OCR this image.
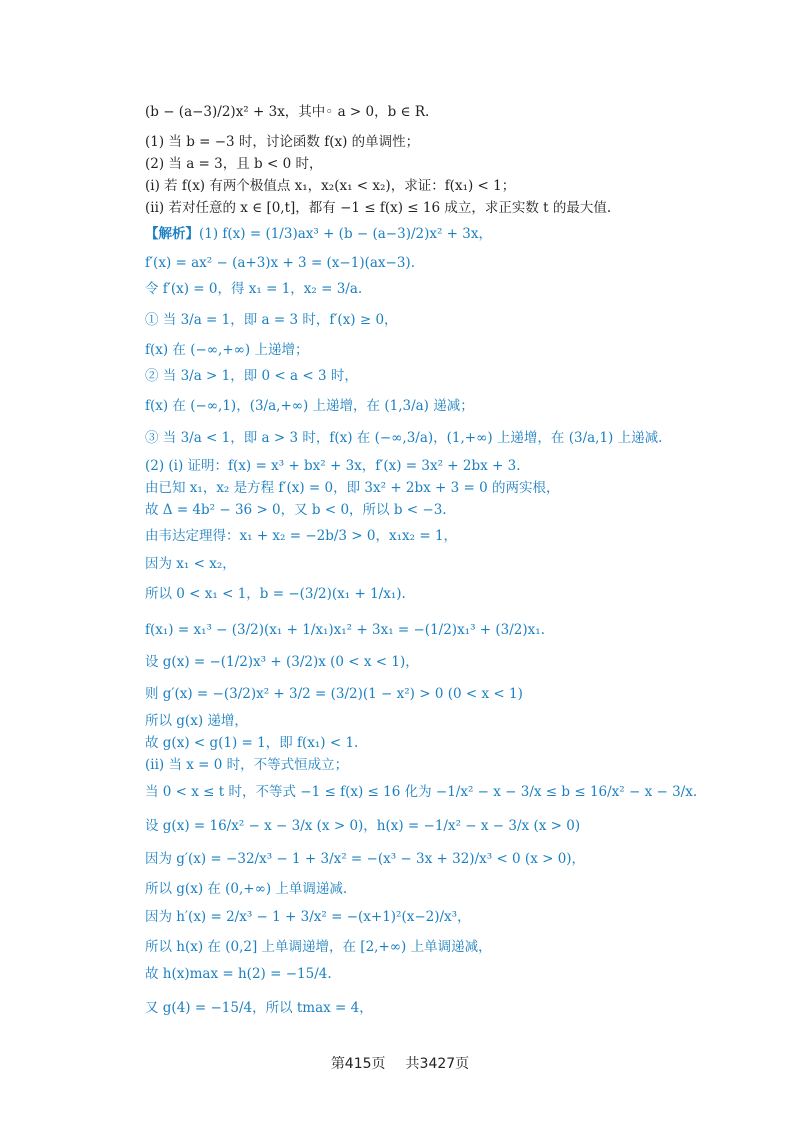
(b − (a−3)/2)x² + 3x，其中◦ a > 0，b ∈ R.
(1) 当 b = −3 时，讨论函数 f(x) 的单调性；
(2) 当 a = 3，且 b < 0 时，
(i) 若 f(x) 有两个极值点 x₁，x₂(x₁ < x₂)，求证：f(x₁) < 1；
(ii) 若对任意的 x ∈ [0,t]，都有 −1 ≤ f(x) ≤ 16 成立，求正实数 t 的最大值.
【解析】(1) f(x) = (1/3)ax³ + (b − (a−3)/2)x² + 3x，
f′(x) = ax² − (a+3)x + 3 = (x−1)(ax−3).
令 f′(x) = 0，得 x₁ = 1，x₂ = 3/a.
① 当 3/a = 1，即 a = 3 时，f′(x) ≥ 0，
f(x) 在 (−∞,+∞) 上递增；
② 当 3/a > 1，即 0 < a < 3 时，
f(x) 在 (−∞,1)，(3/a,+∞) 上递增，在 (1,3/a) 递减；
③ 当 3/a < 1，即 a > 3 时，f(x) 在 (−∞,3/a)，(1,+∞) 上递增，在 (3/a,1) 上递减.
(2) (i) 证明：f(x) = x³ + bx² + 3x，f′(x) = 3x² + 2bx + 3.
由已知 x₁，x₂ 是方程 f′(x) = 0，即 3x² + 2bx + 3 = 0 的两实根，
故 Δ = 4b² − 36 > 0，又 b < 0，所以 b < −3.
由韦达定理得：x₁ + x₂ = −2b/3 > 0，x₁x₂ = 1，
因为 x₁ < x₂，
所以 0 < x₁ < 1，b = −(3/2)(x₁ + 1/x₁).
f(x₁) = x₁³ − (3/2)(x₁ + 1/x₁)x₁² + 3x₁ = −(1/2)x₁³ + (3/2)x₁.
设 g(x) = −(1/2)x³ + (3/2)x (0 < x < 1)，
则 g′(x) = −(3/2)x² + 3/2 = (3/2)(1 − x²) > 0 (0 < x < 1)
所以 g(x) 递增，
故 g(x) < g(1) = 1，即 f(x₁) < 1.
(ii) 当 x = 0 时，不等式恒成立；
当 0 < x ≤ t 时，不等式 −1 ≤ f(x) ≤ 16 化为 −1/x² − x − 3/x ≤ b ≤ 16/x² − x − 3/x.
设 g(x) = 16/x² − x − 3/x (x > 0)，h(x) = −1/x² − x − 3/x (x > 0)
因为 g′(x) = −32/x³ − 1 + 3/x² = −(x³ − 3x + 32)/x³ < 0 (x > 0)，
所以 g(x) 在 (0,+∞) 上单调递减.
因为 h′(x) = 2/x³ − 1 + 3/x² = −(x+1)²(x−2)/x³，
所以 h(x) 在 (0,2] 上单调递增，在 [2,+∞) 上单调递减，
故 h(x)max = h(2) = −15/4.
又 g(4) = −15/4，所以 tmax = 4，
第415页 共3427页
